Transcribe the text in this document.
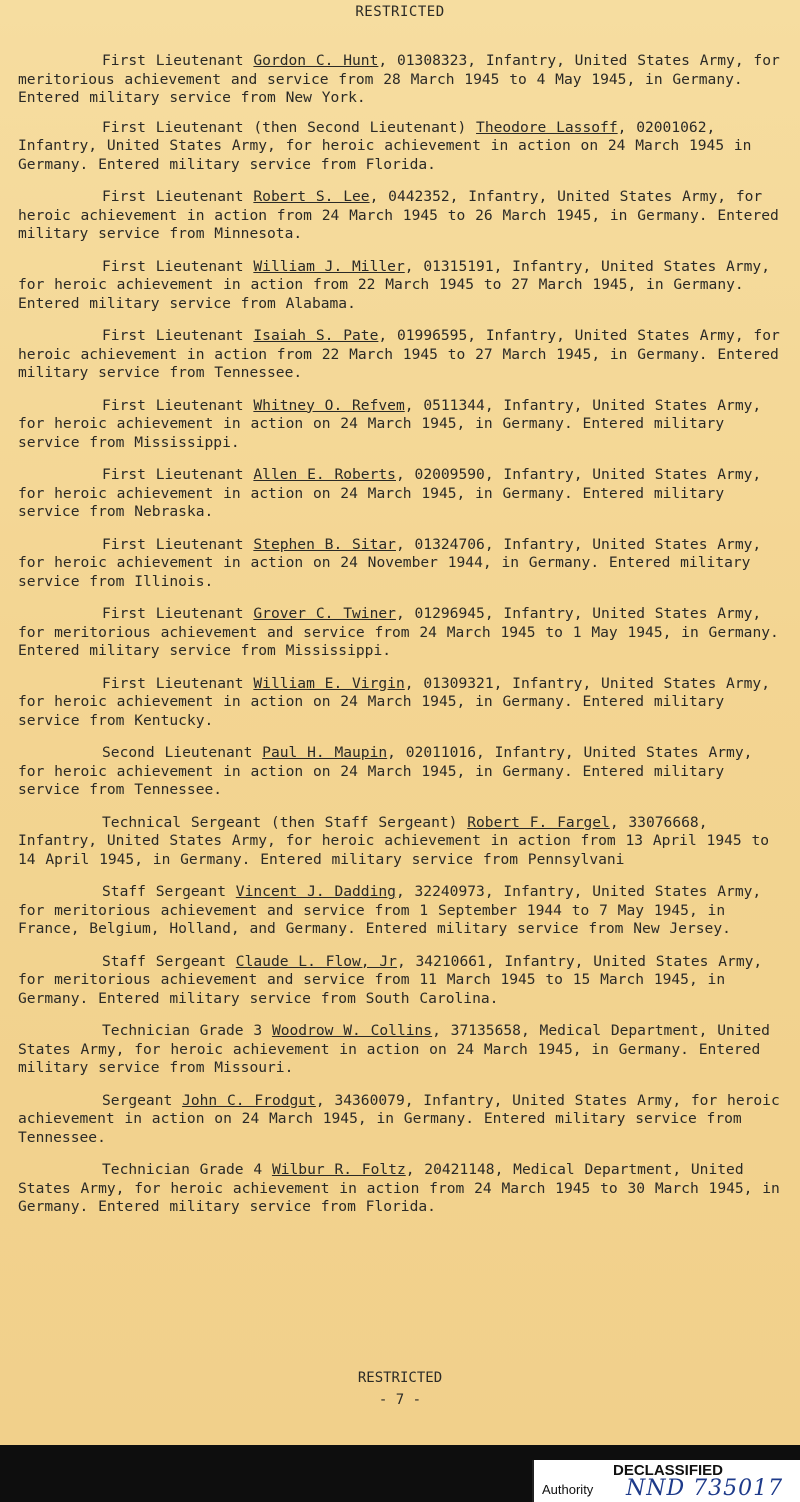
RESTRICTED

First Lieutenant Gordon C. Hunt, 01308323, Infantry, United States Army, for meritorious achievement and service from 28 March 1945 to 4 May 1945, in Germany. Entered military service from New York.

First Lieutenant (then Second Lieutenant) Theodore Lassoff, 02001062, Infantry, United States Army, for heroic achievement in action on 24 March 1945 in Germany. Entered military service from Florida.

First Lieutenant Robert S. Lee, 0442352, Infantry, United States Army, for heroic achievement in action from 24 March 1945 to 26 March 1945, in Germany. Entered military service from Minnesota.

First Lieutenant William J. Miller, 01315191, Infantry, United States Army, for heroic achievement in action from 22 March 1945 to 27 March 1945, in Germany. Entered military service from Alabama.

First Lieutenant Isaiah S. Pate, 01996595, Infantry, United States Army, for heroic achievement in action from 22 March 1945 to 27 March 1945, in Germany. Entered military service from Tennessee.

First Lieutenant Whitney O. Refvem, 0511344, Infantry, United States Army, for heroic achievement in action on 24 March 1945, in Germany. Entered military service from Mississippi.

First Lieutenant Allen E. Roberts, 02009590, Infantry, United States Army, for heroic achievement in action on 24 March 1945, in Germany. Entered military service from Nebraska.

First Lieutenant Stephen B. Sitar, 01324706, Infantry, United States Army, for heroic achievement in action on 24 November 1944, in Germany. Entered military service from Illinois.

First Lieutenant Grover C. Twiner, 01296945, Infantry, United States Army, for meritorious achievement and service from 24 March 1945 to 1 May 1945, in Germany. Entered military service from Mississippi.

First Lieutenant William E. Virgin, 01309321, Infantry, United States Army, for heroic achievement in action on 24 March 1945, in Germany. Entered military service from Kentucky.

Second Lieutenant Paul H. Maupin, 02011016, Infantry, United States Army, for heroic achievement in action on 24 March 1945, in Germany. Entered military service from Tennessee.

Technical Sergeant (then Staff Sergeant) Robert F. Fargel, 33076668, Infantry, United States Army, for heroic achievement in action from 13 April 1945 to 14 April 1945, in Germany. Entered military service from Pennsylvani

Staff Sergeant Vincent J. Dadding, 32240973, Infantry, United States Army, for meritorious achievement and service from 1 September 1944 to 7 May 1945, in France, Belgium, Holland, and Germany. Entered military service from New Jersey.

Staff Sergeant Claude L. Flow, Jr, 34210661, Infantry, United States Army, for meritorious achievement and service from 11 March 1945 to 15 March 1945, in Germany. Entered military service from South Carolina.

Technician Grade 3 Woodrow W. Collins, 37135658, Medical Department, United States Army, for heroic achievement in action on 24 March 1945, in Germany. Entered military service from Missouri.

Sergeant John C. Frodgut, 34360079, Infantry, United States Army, for heroic achievement in action on 24 March 1945, in Germany. Entered military service from Tennessee.

Technician Grade 4 Wilbur R. Foltz, 20421148, Medical Department, United States Army, for heroic achievement in action from 24 March 1945 to 30 March 1945, in Germany. Entered military service from Florida.

RESTRICTED
- 7 -
DECLASSIFIED
Authority NND 735017
